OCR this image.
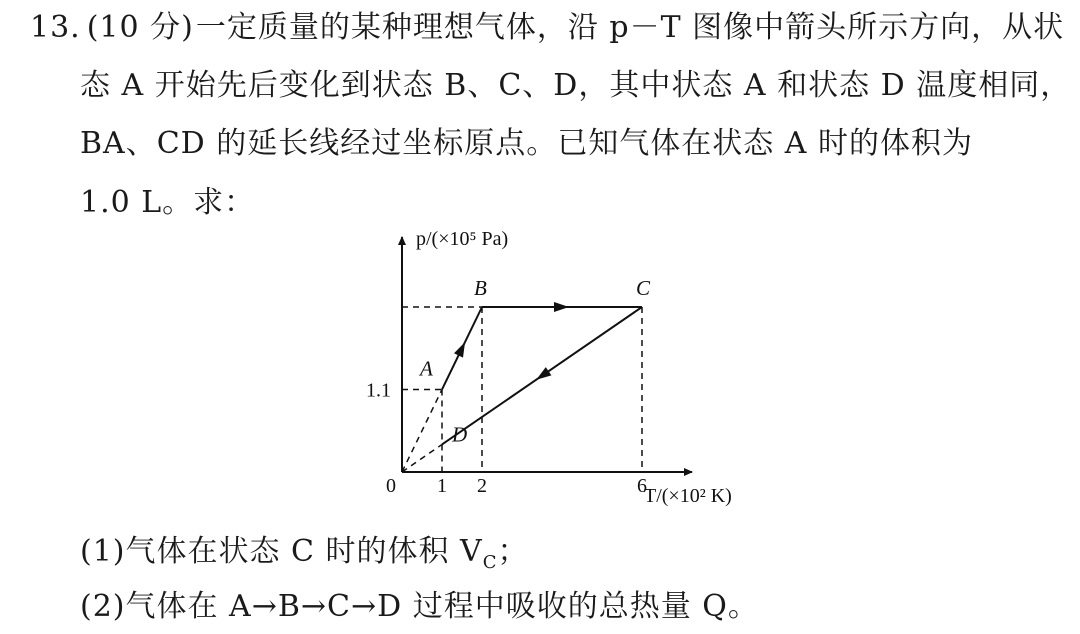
13. (10 分)一定质量的某种理想气体，沿 p－T 图像中箭头所示方向，从状
态 A 开始先后变化到状态 B、C、D，其中状态 A 和状态 D 温度相同，
BA、CD 的延长线经过坐标原点。已知气体在状态 A 时的体积为
1.0 L。求：
p/(×10⁵ Pa)
T/(×10² K)
0 1 2	6
1.1
A
B	C
D
(1)气体在状态 C 时的体积 $V_C$；
(2)气体在 A→B→C→D 过程中吸收的总热量 Q。
